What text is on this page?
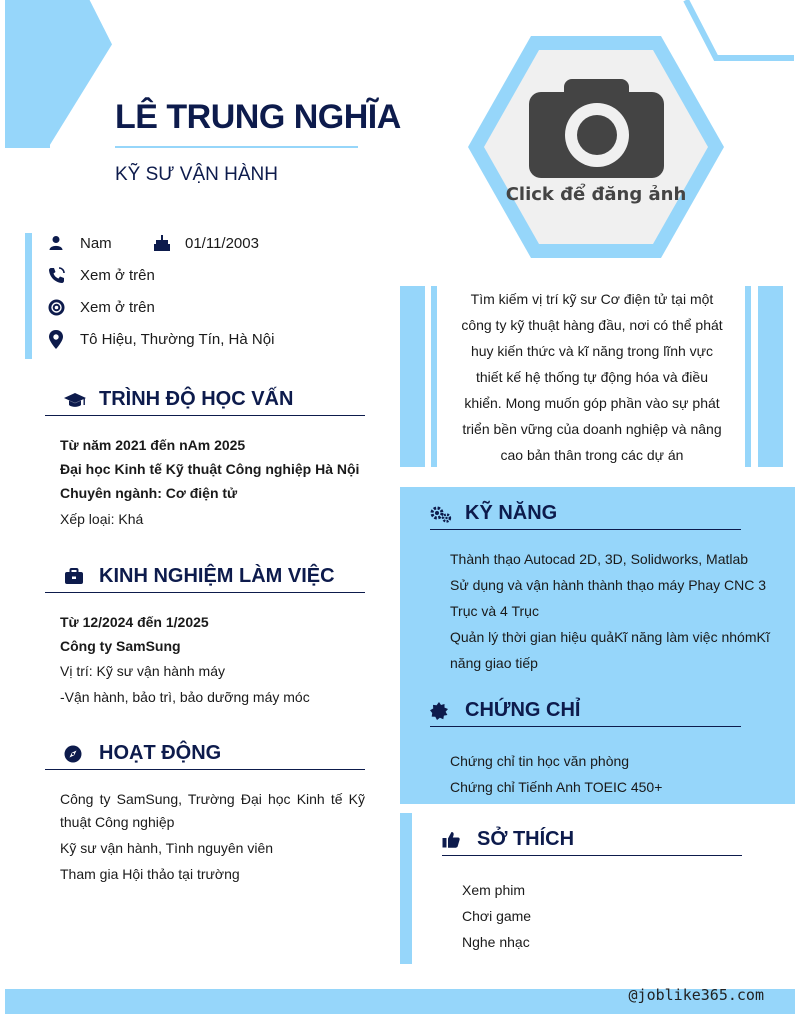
LÊ TRUNG NGHĨA
KỸ SƯ VẬN HÀNH
Click để đăng ảnh
Nam	01/11/2003
Xem ở trên
Xem ở trên
Tô Hiệu, Thường Tín, Hà Nội
TRÌNH ĐỘ HỌC VẤN
Từ năm 2021 đến nAm 2025
Đại học Kinh tế Kỹ thuật Công nghiệp Hà Nội
Chuyên ngành: Cơ điện tử
Xếp loại: Khá
KINH NGHIỆM LÀM VIỆC
Từ 12/2024 đến 1/2025
Công ty SamSung
Vị trí: Kỹ sư vận hành máy
-Vận hành, bảo trì, bảo dưỡng máy móc
HOẠT ĐỘNG
Công ty SamSung, Trường Đại học Kinh tế Kỹ thuật Công nghiệp
Kỹ sư vận hành, Tình nguyên viên
Tham gia Hội thảo tại trường
Tìm kiếm vị trí kỹ sư Cơ điện tử tại một công ty kỹ thuật hàng đầu, nơi có thể phát huy kiến thức và kĩ năng trong lĩnh vực thiết kế hệ thống tự động hóa và điều khiển. Mong muốn góp phần vào sự phát triển bền vững của doanh nghiệp và nâng cao bản thân trong các dự án
KỸ NĂNG
Thành thạo Autocad 2D, 3D, Solidworks, Matlab
Sử dụng và vận hành thành thạo máy Phay CNC 3 Trục và 4 Trục
Quản lý thời gian hiệu quảKĩ năng làm việc nhómKĩ năng giao tiếp
CHỨNG CHỈ
Chứng chỉ tin học văn phòng
Chứng chỉ Tiếnh Anh TOEIC 450+
SỞ THÍCH
Xem phim
Chơi game
Nghe nhạc
@joblike365.com
